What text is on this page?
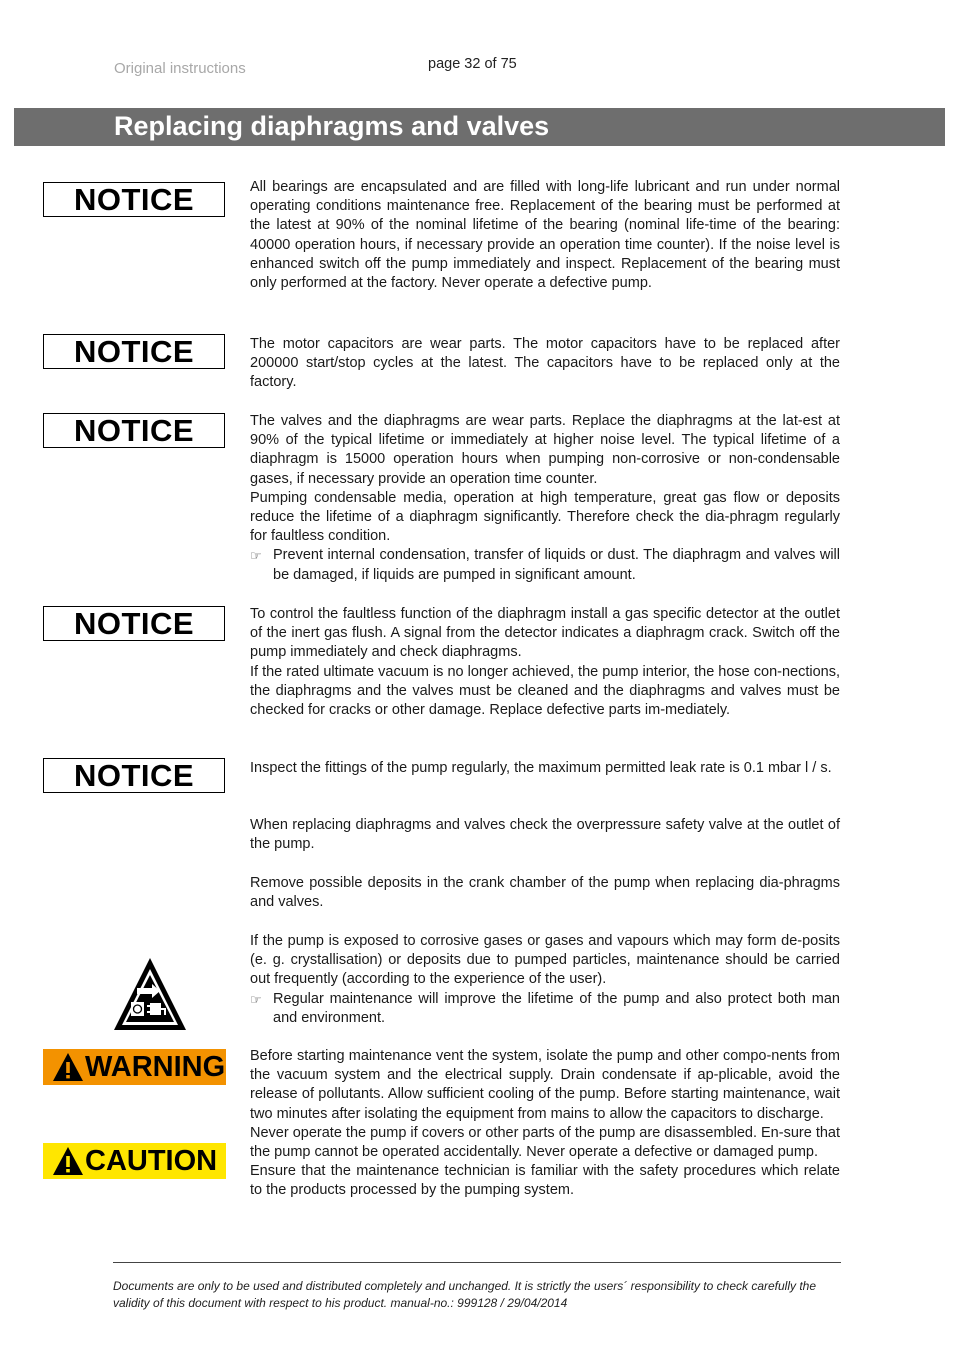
Original instructions	page 32 of 75
Replacing diaphragms and valves
NOTICE
NOTICE
NOTICE
NOTICE
NOTICE

All bearings are encapsulated and are filled with long-life lubricant and run under normal operating conditions maintenance free. Replacement of the bearing must be performed at the latest at 90% of the nominal lifetime of the bearing (nominal life-time of the bearing: 40000 operation hours, if necessary provide an operation time counter). If the noise level is enhanced switch off the pump immediately and inspect. Replacement of the bearing must only performed at the factory. Never operate a defective pump.

The motor capacitors are wear parts. The motor capacitors have to be replaced after 200000 start/stop cycles at the latest. The capacitors have to be replaced only at the factory.

The valves and the diaphragms are wear parts. Replace the diaphragms at the lat-est at 90% of the typical lifetime or immediately at higher noise level. The typical lifetime of a diaphragm is 15000 operation hours when pumping non-corrosive or non-condensable gases, if necessary provide an operation time counter.

Pumping condensable media, operation at high temperature, great gas flow or deposits reduce the lifetime of a diaphragm significantly. Therefore check the dia-phragm regularly for faultless condition.

☞ Prevent internal condensation, transfer of liquids or dust. The diaphragm and valves will be damaged, if liquids are pumped in significant amount.

To control the faultless function of the diaphragm install a gas specific detector at the outlet of the inert gas flush. A signal from the detector indicates a diaphragm crack. Switch off the pump immediately and check diaphragms.

If the rated ultimate vacuum is no longer achieved, the pump interior, the hose con-nections, the diaphragms and the valves must be cleaned and the diaphragms and valves must be checked for cracks or other damage. Replace defective parts im-mediately.

Inspect the fittings of the pump regularly, the maximum permitted leak rate is 0.1 mbar l / s.

When replacing diaphragms and valves check the overpressure safety valve at the outlet of the pump.

Remove possible deposits in the crank chamber of the pump when replacing dia-phragms and valves.

If the pump is exposed to corrosive gases or gases and vapours which may form de-posits (e. g. crystallisation) or deposits due to pumped particles, maintenance should be carried out frequently (according to the experience of the user).

☞ Regular maintenance will improve the lifetime of the pump and also protect both man and environment.

Before starting maintenance vent the system, isolate the pump and other compo-nents from the vacuum system and the electrical supply. Drain condensate if ap-plicable, avoid the release of pollutants. Allow sufficient cooling of the pump. Before starting maintenance, wait two minutes after isolating the equipment from mains to allow the capacitors to discharge.

Never operate the pump if covers or other parts of the pump are disassembled. En-sure that the pump cannot be operated accidentally. Never operate a defective or damaged pump.

Ensure that the maintenance technician is familiar with the safety procedures which relate to the products processed by the pumping system.

WARNING
CAUTION
Documents are only to be used and distributed completely and unchanged. It is strictly the users´ responsibility to check carefully the validity of this document with respect to his product. manual-no.: 999128 / 29/04/2014
